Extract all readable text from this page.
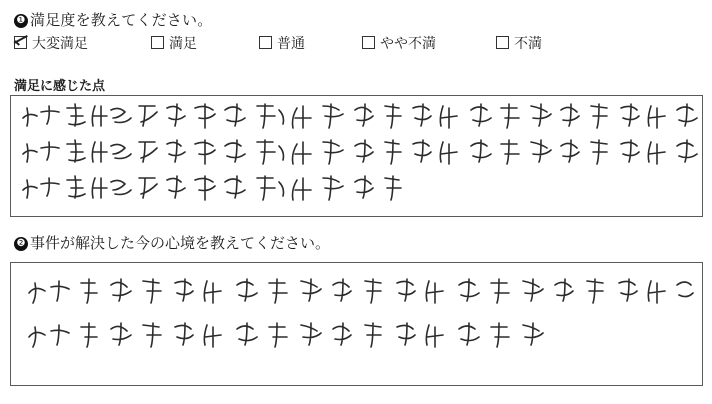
❶ 満足度を教えてください。
大変満足	満足	普通	やや不満	不満
満足に感じた点
❷ 事件が解決した今の心境を教えてください。
